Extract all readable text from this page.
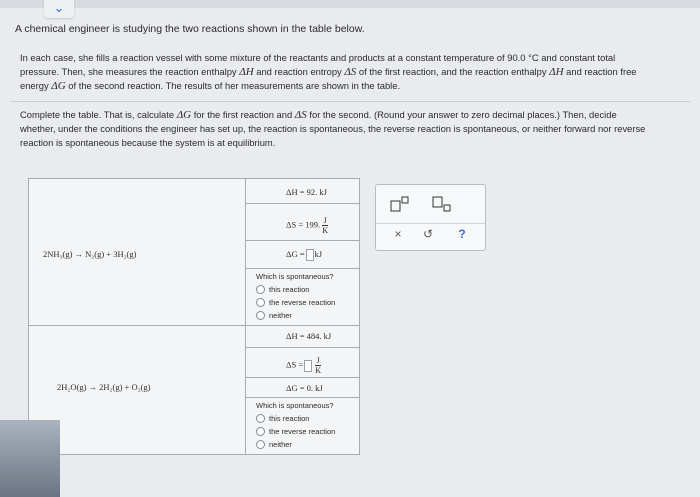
⌄
A chemical engineer is studying the two reactions shown in the table below.
In each case, she fills a reaction vessel with some mixture of the reactants and products at a constant temperature of 90.0 °C and constant total
pressure. Then, she measures the reaction enthalpy ΔH and reaction entropy ΔS of the first reaction, and the reaction enthalpy ΔH and reaction free
energy ΔG of the second reaction. The results of her measurements are shown in the table.
Complete the table. That is, calculate ΔG for the first reaction and ΔS for the second. (Round your answer to zero decimal places.) Then, decide
whether, under the conditions the engineer has set up, the reaction is spontaneous, the reverse reaction is spontaneous, or neither forward nor reverse
reaction is spontaneous because the system is at equilibrium.
2NH₃(g) → N₂(g) + 3H₂(g)
2H₂O(g) → 2H₂(g) + O₂(g)
ΔH = 92. kJ
ΔS = 199. $\frac{J}{K}$
ΔG = kJ
Which is spontaneous?
this reaction
the reverse reaction
neither
ΔH = 484. kJ
$\Delta S = \frac{J}{K}$
ΔG = 0. kJ
Which is spontaneous?
this reaction
the reverse reaction
neither
×	↺	?
